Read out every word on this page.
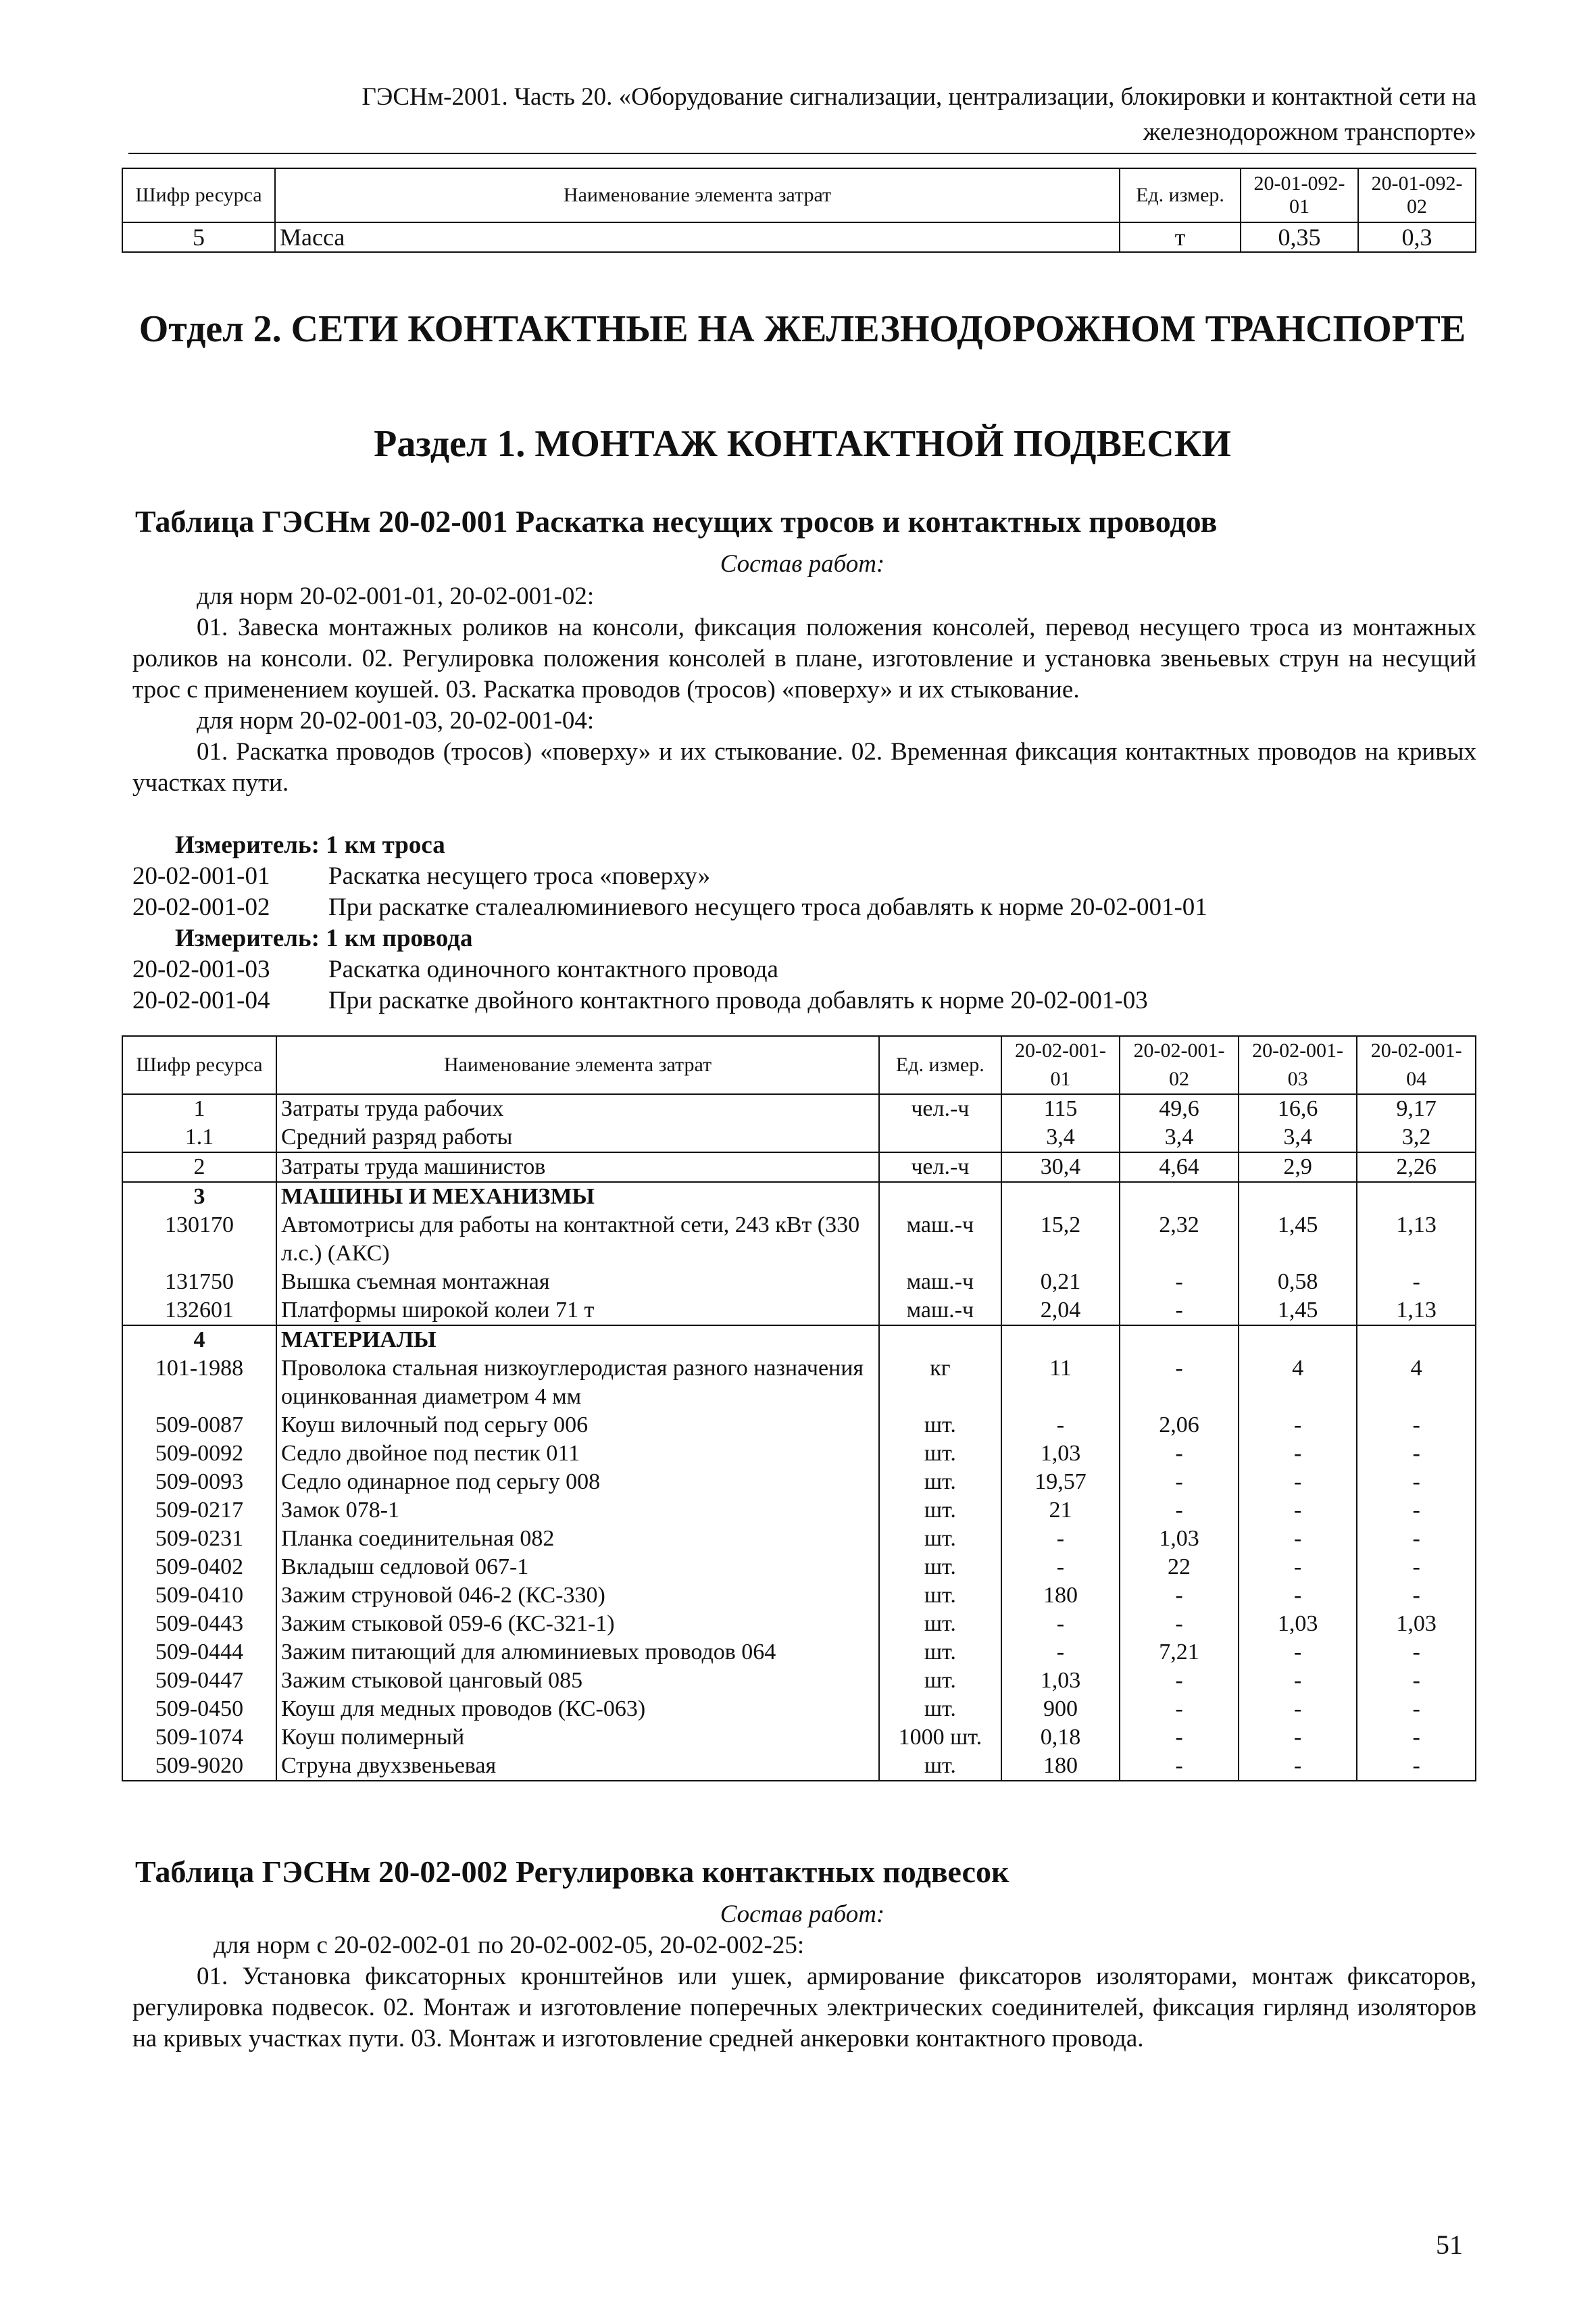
ГЭСНм-2001. Часть 20. «Оборудование сигнализации, централизации, блокировки и контактной сети на
железнодорожном транспорте»
Шифр ресурса	Наименование элемента затрат	Ед. измер.	20-01-092-01	20-01-092-02
5	Масса	т	0,35	0,3
Отдел 2. СЕТИ КОНТАКТНЫЕ НА ЖЕЛЕЗНОДОРОЖНОМ ТРАНСПОРТЕ
Раздел 1. МОНТАЖ КОНТАКТНОЙ ПОДВЕСКИ
Таблица ГЭСНм 20-02-001 Раскатка несущих тросов и контактных проводов
Состав работ:

для норм 20-02-001-01, 20-02-001-02:

01. Завеска монтажных роликов на консоли, фиксация положения консолей, перевод несущего троса из монтажных роликов на консоли. 02. Регулировка положения консолей в плане, изготовление и установка звеньевых струн на несущий трос с применением коушей. 03. Раскатка проводов (тросов) «поверху» и их стыкование.

для норм 20-02-001-03, 20-02-001-04:

01. Раскатка проводов (тросов) «поверху» и их стыкование. 02. Временная фиксация контактных проводов на кривых участках пути.

Измеритель: 1 км троса
20-02-001-01	Раскатка несущего троса «поверху»
20-02-001-02	При раскатке сталеалюминиевого несущего троса добавлять к норме 20-02-001-01
Измеритель: 1 км провода
20-02-001-03	Раскатка одиночного контактного провода
20-02-001-04	При раскатке двойного контактного провода добавлять к норме 20-02-001-03
Шифр ресурса	Наименование элемента затрат	Ед. измер.	20-02-001-01	20-02-001-02	20-02-001-03	20-02-001-04
1	Затраты труда рабочих	чел.-ч	115	49,6	16,6	9,17
1.1	Средний разряд работы		3,4	3,4	3,4	3,2
2	Затраты труда машинистов	чел.-ч	30,4	4,64	2,9	2,26
3	МАШИНЫ И МЕХАНИЗМЫ					
130170	Автомотрисы для работы на контактной сети, 243 кВт (330 л.с.) (АКС)	маш.-ч	15,2	2,32	1,45	1,13
131750	Вышка съемная монтажная	маш.-ч	0,21	-	0,58	-
132601	Платформы широкой колеи 71 т	маш.-ч	2,04	-	1,45	1,13
4	МАТЕРИАЛЫ					
101-1988	Проволока стальная низкоуглеродистая разного назначения оцинкованная диаметром 4 мм	кг	11	-	4	4
509-0087	Коуш вилочный под серьгу 006	шт.	-	2,06	-	-
509-0092	Седло двойное под пестик 011	шт.	1,03	-	-	-
509-0093	Седло одинарное под серьгу 008	шт.	19,57	-	-	-
509-0217	Замок 078-1	шт.	21	-	-	-
509-0231	Планка соединительная 082	шт.	-	1,03	-	-
509-0402	Вкладыш седловой 067-1	шт.	-	22	-	-
509-0410	Зажим струновой 046-2 (КС-330)	шт.	180	-	-	-
509-0443	Зажим стыковой 059-6 (КС-321-1)	шт.	-	-	1,03	1,03
509-0444	Зажим питающий для алюминиевых проводов 064	шт.	-	7,21	-	-
509-0447	Зажим стыковой цанговый 085	шт.	1,03	-	-	-
509-0450	Коуш для медных проводов (КС-063)	шт.	900	-	-	-
509-1074	Коуш полимерный	1000 шт.	0,18	-	-	-
509-9020	Струна двухзвеньевая	шт.	180	-	-	-
Таблица ГЭСНм 20-02-002 Регулировка контактных подвесок
Состав работ:

для норм с 20-02-002-01 по 20-02-002-05, 20-02-002-25:

01. Установка фиксаторных кронштейнов или ушек, армирование фиксаторов изоляторами, монтаж фиксаторов, регулировка подвесок. 02. Монтаж и изготовление поперечных электрических соединителей, фиксация гирлянд изоляторов на кривых участках пути. 03. Монтаж и изготовление средней анкеровки контактного провода.

51
